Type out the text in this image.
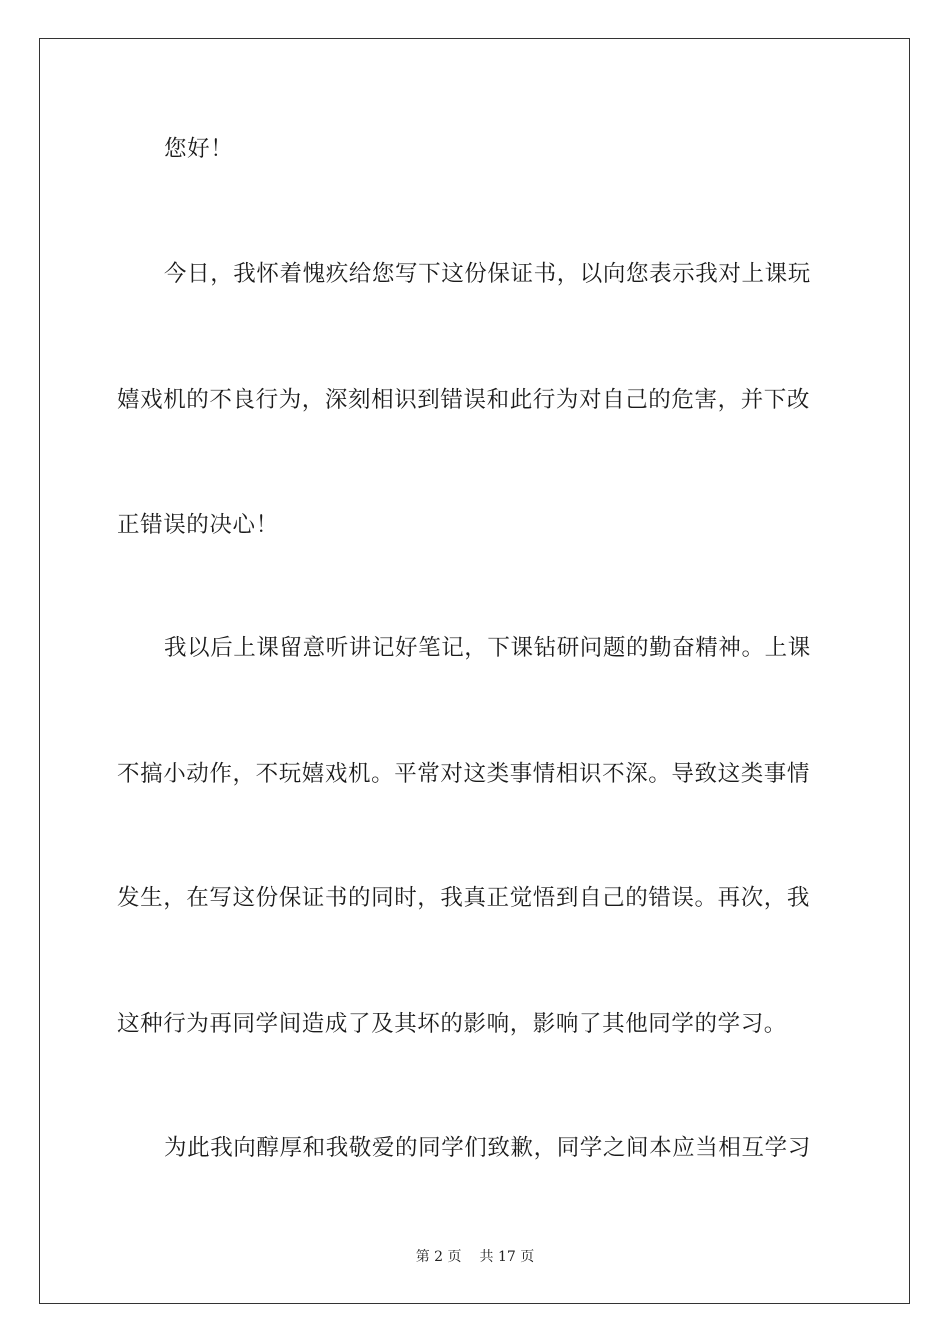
您好！
今日，我怀着愧疚给您写下这份保证书，以向您表示我对上课玩
嬉戏机的不良行为，深刻相识到错误和此行为对自己的危害，并下改
正错误的决心！
我以后上课留意听讲记好笔记，下课钻研问题的勤奋精神。上课
不搞小动作，不玩嬉戏机。平常对这类事情相识不深。导致这类事情
发生，在写这份保证书的同时，我真正觉悟到自己的错误。再次，我
这种行为再同学间造成了及其坏的影响，影响了其他同学的学习。
为此我向醇厚和我敬爱的同学们致歉，同学之间本应当相互学习
第 2 页 共 17 页
